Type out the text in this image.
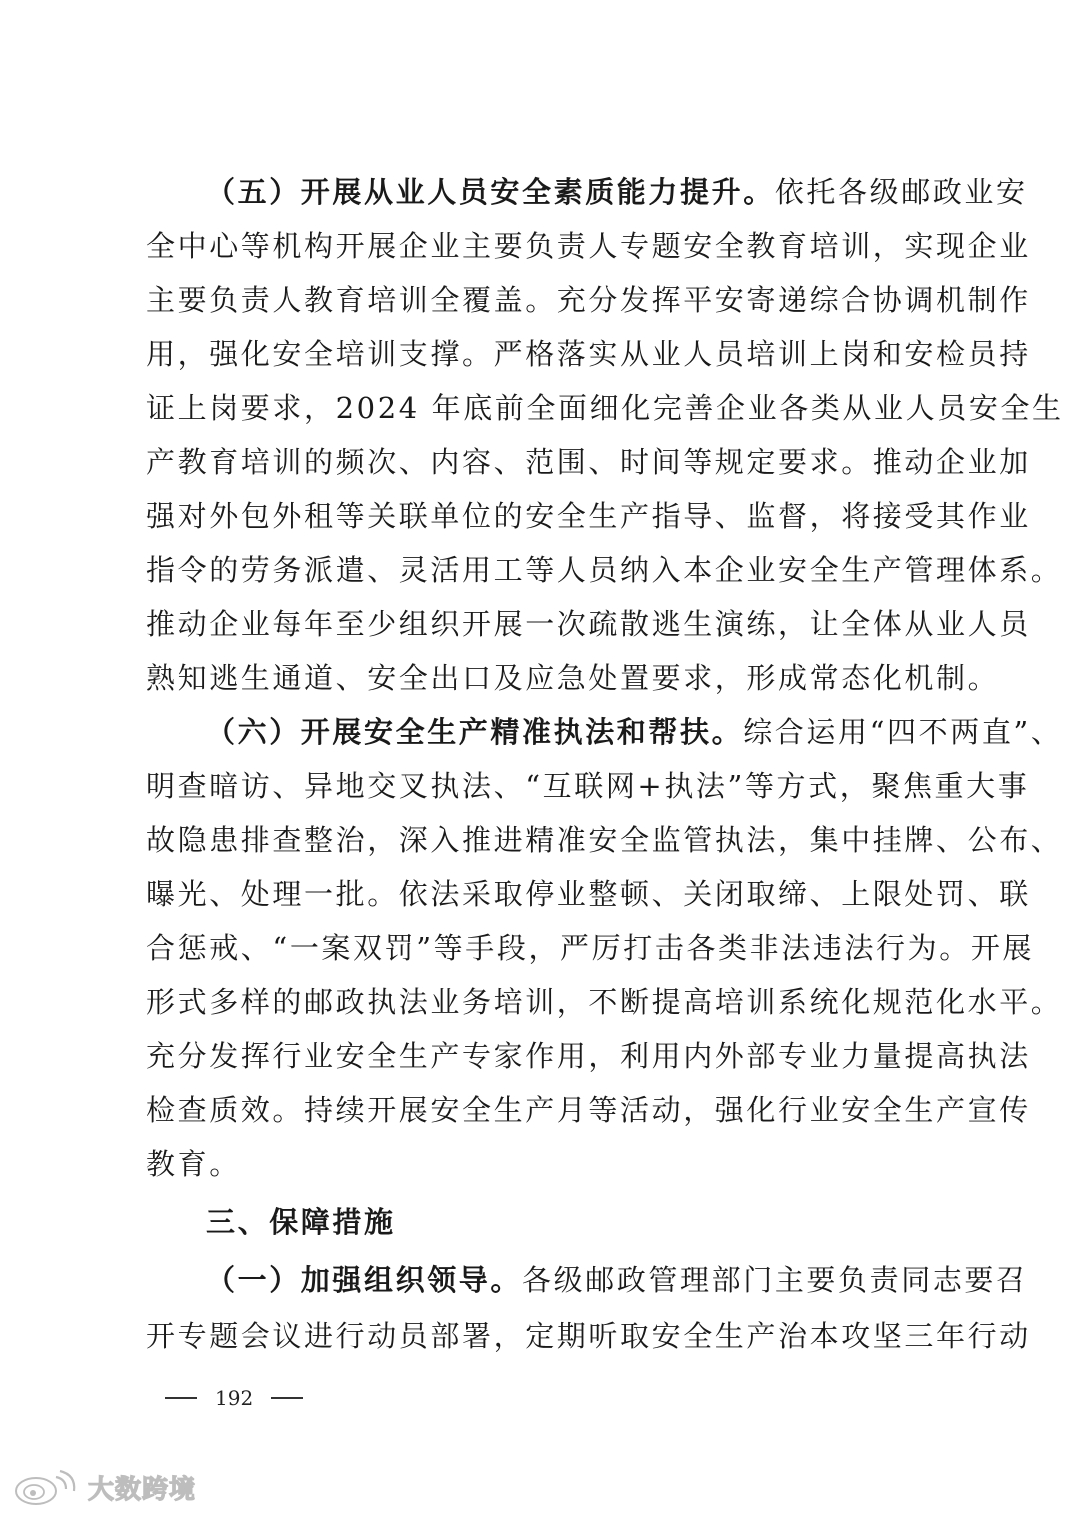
（五）开展从业人员安全素质能力提升。依托各级邮政业安
全中心等机构开展企业主要负责人专题安全教育培训，实现企业
主要负责人教育培训全覆盖。充分发挥平安寄递综合协调机制作
用，强化安全培训支撑。严格落实从业人员培训上岗和安检员持
证上岗要求，2024 年底前全面细化完善企业各类从业人员安全生
产教育培训的频次、内容、范围、时间等规定要求。推动企业加
强对外包外租等关联单位的安全生产指导、监督，将接受其作业
指令的劳务派遣、灵活用工等人员纳入本企业安全生产管理体系。
推动企业每年至少组织开展一次疏散逃生演练，让全体从业人员
熟知逃生通道、安全出口及应急处置要求，形成常态化机制。
（六）开展安全生产精准执法和帮扶。综合运用“四不两直”、
明查暗访、异地交叉执法、“互联网+执法”等方式，聚焦重大事
故隐患排查整治，深入推进精准安全监管执法，集中挂牌、公布、
曝光、处理一批。依法采取停业整顿、关闭取缔、上限处罚、联
合惩戒、“一案双罚”等手段，严厉打击各类非法违法行为。开展
形式多样的邮政执法业务培训，不断提高培训系统化规范化水平。
充分发挥行业安全生产专家作用，利用内外部专业力量提高执法
检查质效。持续开展安全生产月等活动，强化行业安全生产宣传
教育。
三、保障措施
（一）加强组织领导。各级邮政管理部门主要负责同志要召
开专题会议进行动员部署，定期听取安全生产治本攻坚三年行动
192
大数跨境
